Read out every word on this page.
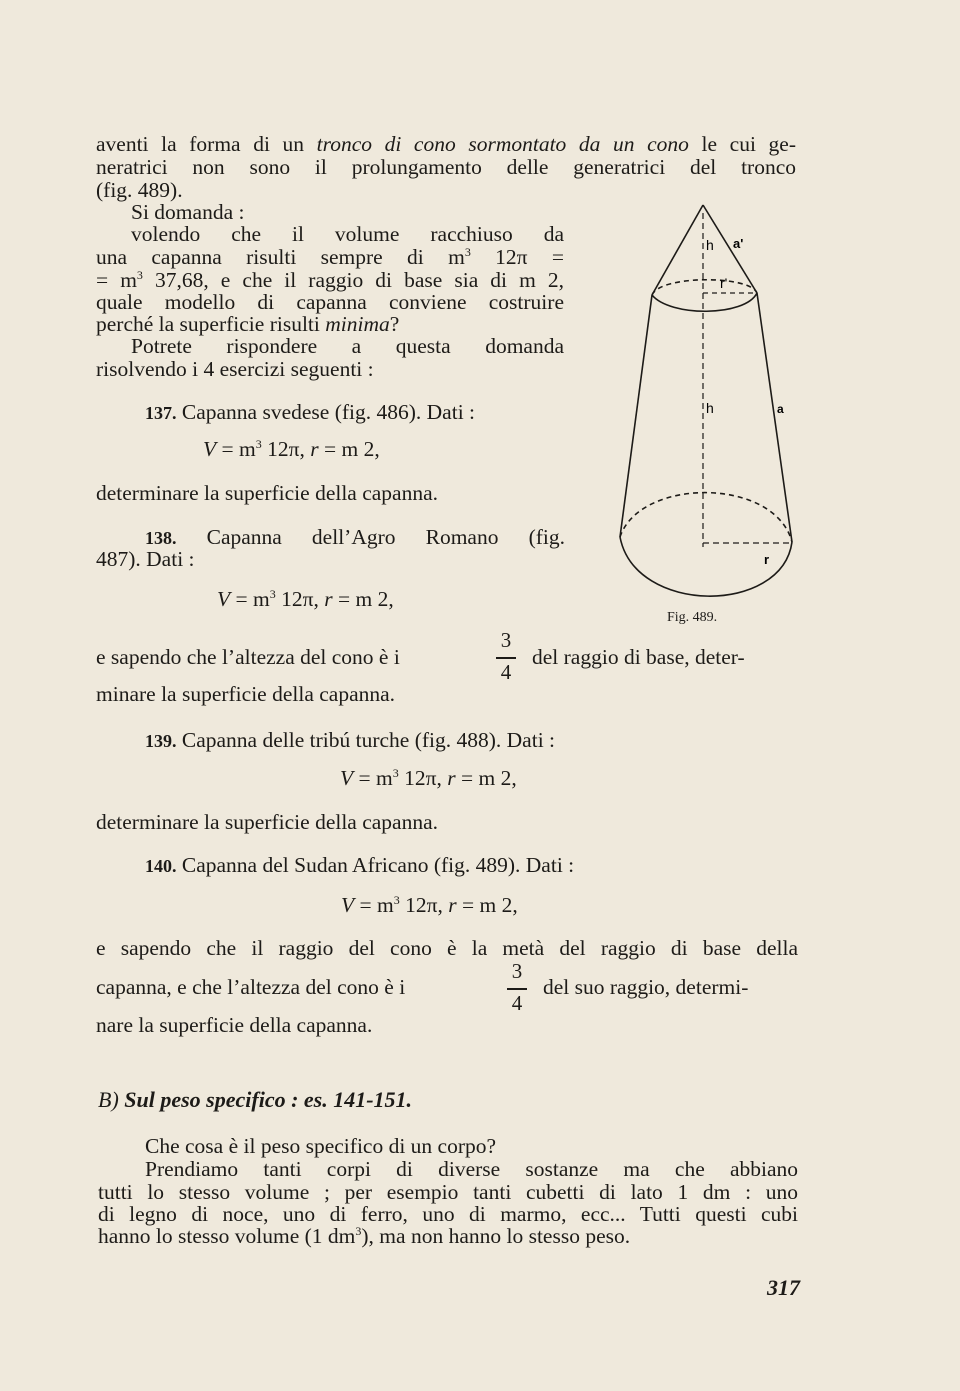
aventi la forma di un tronco di cono sormontato da un cono le cui ge-
neratrici non sono il prolungamento delle generatrici del tronco
(fig. 489).
Si domanda :
volendo che il volume racchiuso da
una capanna risulti sempre di $m^3$ 12π =
= $m^3$ 37,68, e che il raggio di base sia di m 2,
quale modello di capanna conviene costruire
perché la superficie risulti minima?
Potrete rispondere a questa domanda
risolvendo i 4 esercizi seguenti :
137. Capanna svedese (fig. 486). Dati :
$V = m^3$ 12π, r = m 2,
determinare la superficie della capanna.
138. Capanna dell’Agro Romano (fig.
487). Dati :
$V = m^3$ 12π, r = m 2,
e sapendo che l’altezza del cono è i
3
4
del raggio di base, deter-
minare la superficie della capanna.
139. Capanna delle tribú turche (fig. 488). Dati :
$V = m^3$ 12π, r = m 2,
determinare la superficie della capanna.
140. Capanna del Sudan Africano (fig. 489). Dati :
$V = m^3$ 12π, r = m 2,
e sapendo che il raggio del cono è la metà del raggio di base della
capanna, e che l’altezza del cono è i
3
4
del suo raggio, determi-
nare la superficie della capanna.
B) Sul peso specifico : es. 141-151.
Che cosa è il peso specifico di un corpo?
Prendiamo tanti corpi di diverse sostanze ma che abbiano
tutti lo stesso volume ; per esempio tanti cubetti di lato 1 dm : uno
di legno di noce, uno di ferro, uno di marmo, ecc... Tutti questi cubi
hanno lo stesso volume (1 $dm^3$), ma non hanno lo stesso peso.
h a'
r'
h	a
r
Fig. 489.
317
